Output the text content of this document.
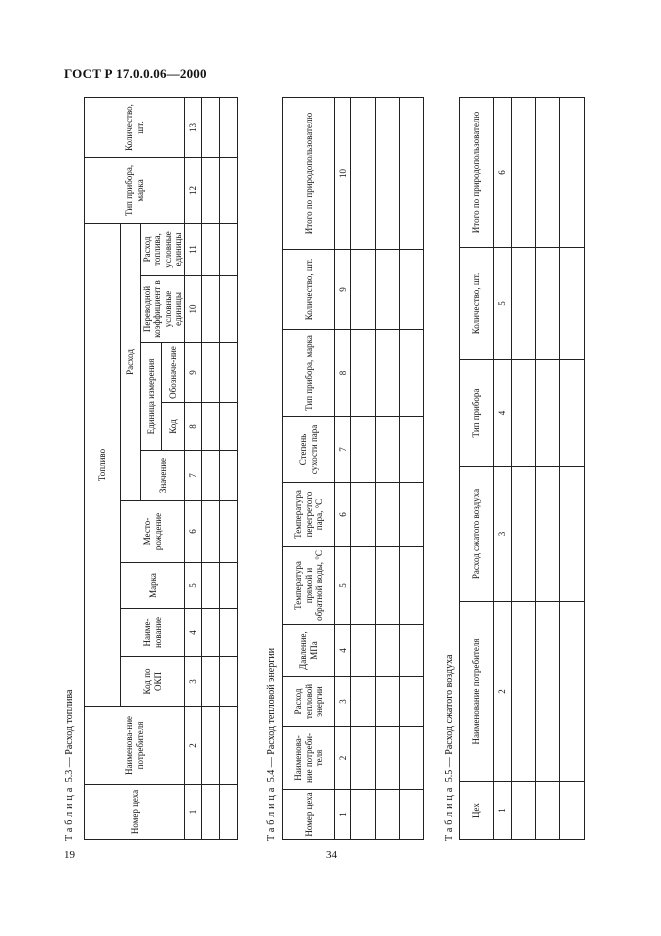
ГОСТ Р 17.0.0.06—2000
19	34
Таблица 5.3 — Расход топлива
Номер цеха	Наименова-ние потребителя	Топливо									Тип прибора, марка	Количество, шт.
		Код по ОКП	Наиме-нование	Марка	Место-рождение	Расход						
						Значение	Единица измерения		Переводной коэффициент в условные единицы	Расход топлива, условные единицы		
							Код	Обозначе-ние				
1	2	3	4	5	6	7	8	9	10	11	12	13

Таблица 5.4 — Расход тепловой энергии
Номер цеха	Наименова-ние потреби-теля	Расход тепловой энергии	Давление, МПа	Температура прямой и обратной воды, °С	Температура перегретого пара, °С	Степень сухости пара	Тип прибора, марка	Количество, шт.	Итого по природопользователю
1	2	3	4	5	6	7	8	9	10

Таблица 5.5 — Расход сжатого воздуха
Цех	Наименование потребителя	Расход сжатого воздуха	Тип прибора	Количество, шт.	Итого по природопользователю
1	2	3	4	5	6
